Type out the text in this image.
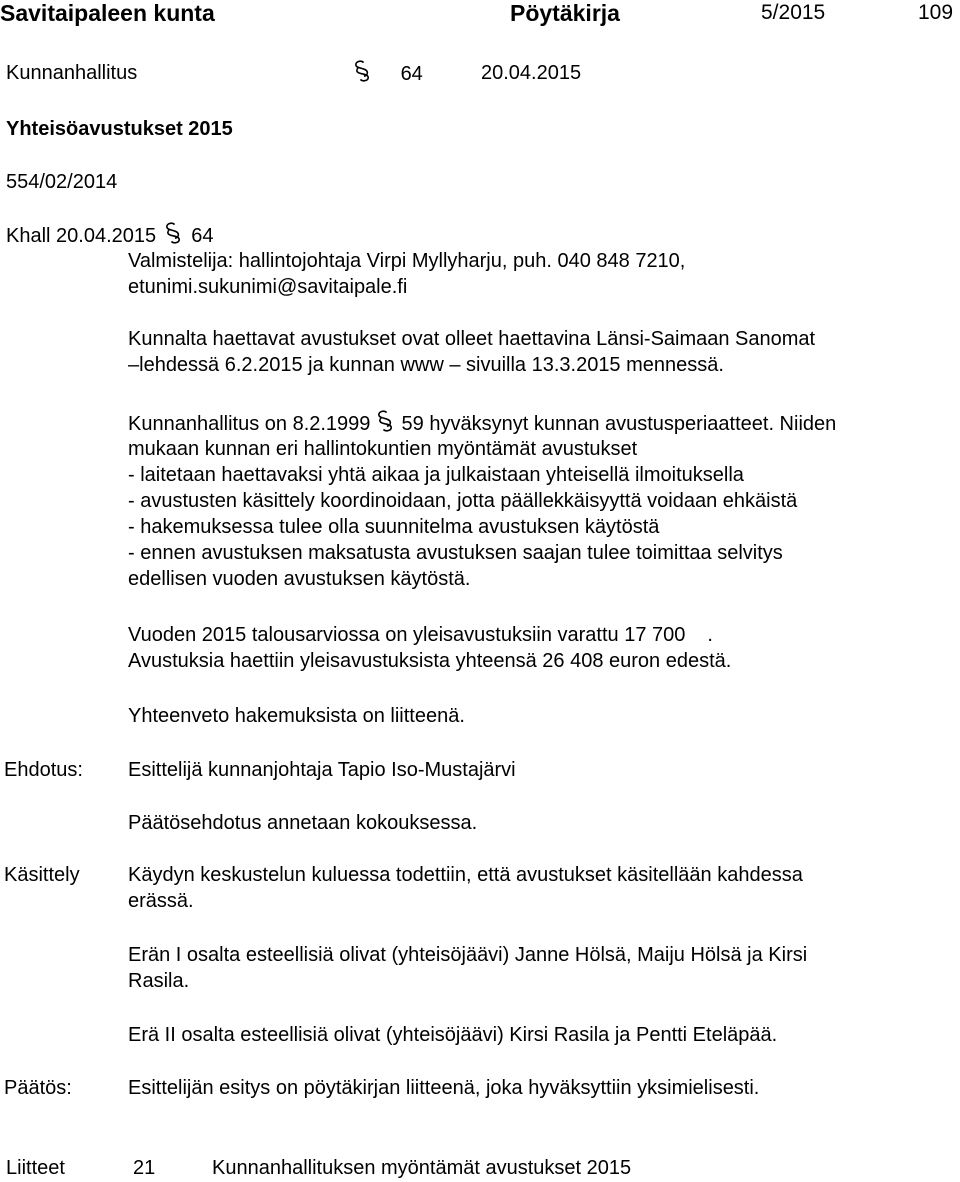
Savitaipaleen kunta	Pöytäkirja	5/2015	109
Kunnanhallitus	64	20.04.2015
Yhteisöavustukset 2015
554/02/2014
Khall 20.04.2015 64
Valmistelija: hallintojohtaja Virpi Myllyharju, puh. 040 848 7210,
etunimi.sukunimi@savitaipale.fi
Kunnalta haettavat avustukset ovat olleet haettavina Länsi-Saimaan Sanomat
–lehdessä 6.2.2015 ja kunnan www – sivuilla 13.3.2015 mennessä.
Kunnanhallitus on 8.2.1999 59 hyväksynyt kunnan avustusperiaatteet. Niiden
mukaan kunnan eri hallintokuntien myöntämät avustukset
- laitetaan haettavaksi yhtä aikaa ja julkaistaan yhteisellä ilmoituksella
- avustusten käsittely koordinoidaan, jotta päällekkäisyyttä voidaan ehkäistä
- hakemuksessa tulee olla suunnitelma avustuksen käytöstä
- ennen avustuksen maksatusta avustuksen saajan tulee toimittaa selvitys
edellisen vuoden avustuksen käytöstä.
Vuoden 2015 talousarviossa on yleisavustuksiin varattu 17 700 .
Avustuksia haettiin yleisavustuksista yhteensä 26 408 euron edestä.
Yhteenveto hakemuksista on liitteenä.
Ehdotus: Esittelijä kunnanjohtaja Tapio Iso-Mustajärvi
Päätösehdotus annetaan kokouksessa.
Käsittely Käydyn keskustelun kuluessa todettiin, että avustukset käsitellään kahdessa
erässä.
Erän I osalta esteellisiä olivat (yhteisöjäävi) Janne Hölsä, Maiju Hölsä ja Kirsi
Rasila.
Erä II osalta esteellisiä olivat (yhteisöjäävi) Kirsi Rasila ja Pentti Eteläpää.
Päätös:	Esittelijän esitys on pöytäkirjan liitteenä, joka hyväksyttiin yksimielisesti.
Liitteet	21	Kunnanhallituksen myöntämät avustukset 2015
